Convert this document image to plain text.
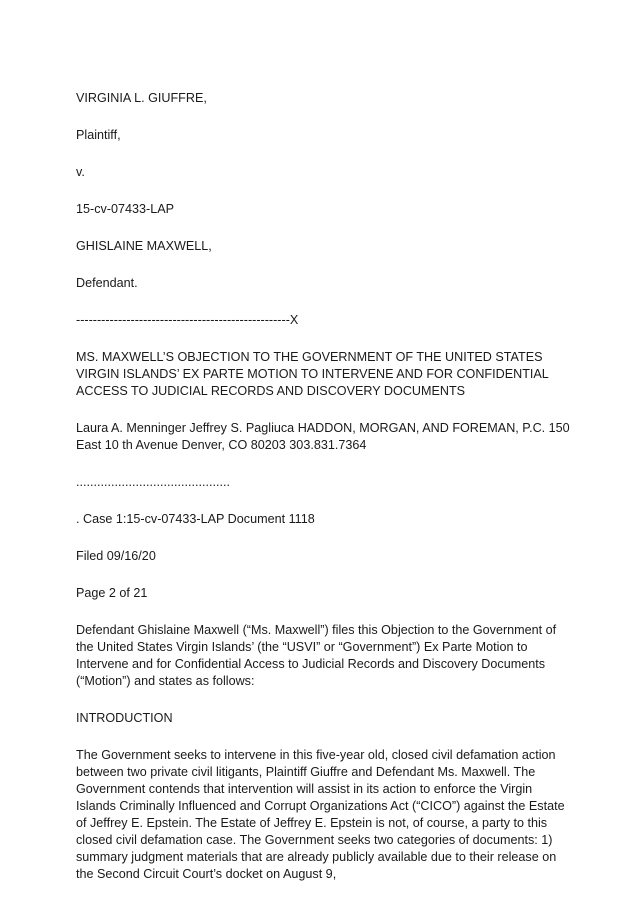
VIRGINIA L. GIUFFRE,

Plaintiff,

v.

15-cv-07433-LAP

GHISLAINE MAXWELL,

Defendant.

---------------------------------------------------X

MS. MAXWELL’S OBJECTION TO THE GOVERNMENT OF THE UNITED STATES VIRGIN ISLANDS’ EX PARTE MOTION TO INTERVENE AND FOR CONFIDENTIAL ACCESS TO JUDICIAL RECORDS AND DISCOVERY DOCUMENTS

Laura A. Menninger Jeffrey S. Pagliuca HADDON, MORGAN, AND FOREMAN, P.C. 150 East 10 th Avenue Denver, CO 80203 303.831.7364

............................................

. Case 1:15-cv-07433-LAP Document 1118

Filed 09/16/20

Page 2 of 21

Defendant Ghislaine Maxwell (“Ms. Maxwell”) files this Objection to the Government of the United States Virgin Islands’ (the “USVI” or “Government”) Ex Parte Motion to Intervene and for Confidential Access to Judicial Records and Discovery Documents (“Motion”) and states as follows:

INTRODUCTION

The Government seeks to intervene in this five-year old, closed civil defamation action between two private civil litigants, Plaintiff Giuffre and Defendant Ms. Maxwell. The Government contends that intervention will assist in its action to enforce the Virgin Islands Criminally Influenced and Corrupt Organizations Act (“CICO”) against the Estate of Jeffrey E. Epstein. The Estate of Jeffrey E. Epstein is not, of course, a party to this closed civil defamation case. The Government seeks two categories of documents: 1) summary judgment materials that are already publicly available due to their release on the Second Circuit Court’s docket on August 9,
